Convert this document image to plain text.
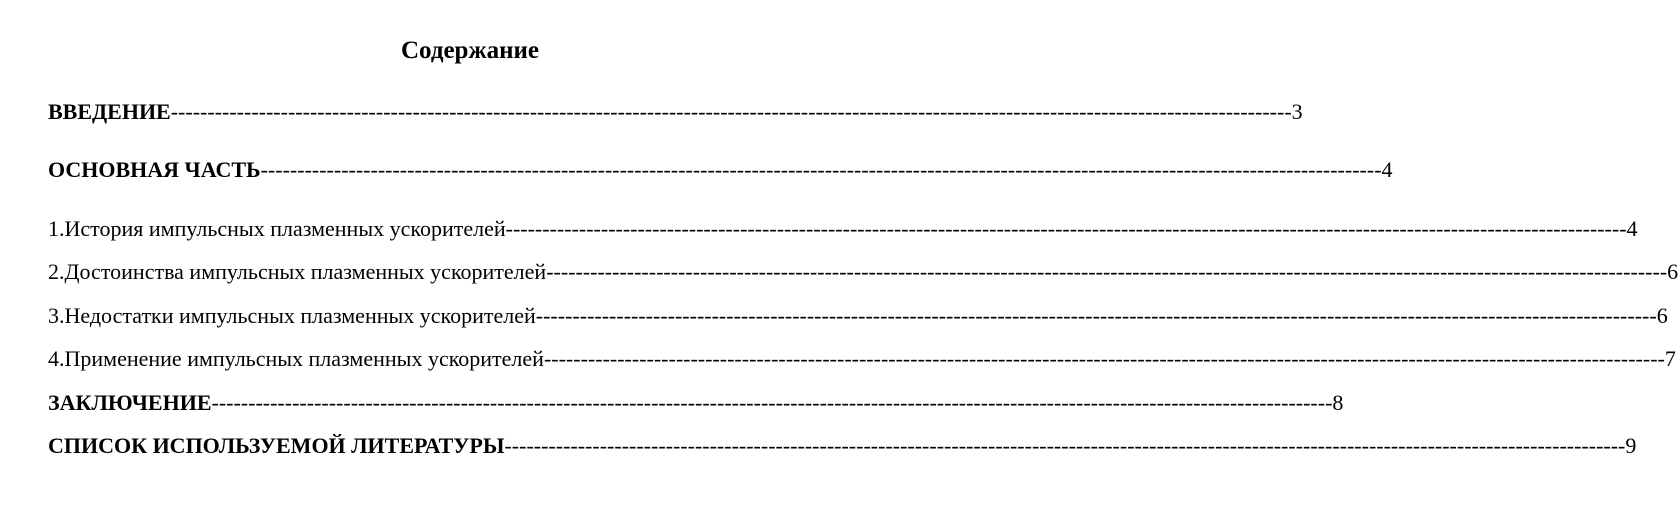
Содержание
ВВЕДЕНИЕ --------------------------------------------------------------------------------------------------------------------------------------------------------- 3
ОСНОВНАЯ ЧАСТЬ --------------------------------------------------------------------------------------------------------------------------------------------------------- 4
1. История импульсных плазменных ускорителей --------------------------------------------------------------------------------------------------------------------------------------------------------- 4
2. Достоинства импульсных плазменных ускорителей --------------------------------------------------------------------------------------------------------------------------------------------------------- 6
3. Недостатки импульсных плазменных ускорителей --------------------------------------------------------------------------------------------------------------------------------------------------------- 6
4. Применение импульсных плазменных ускорителей --------------------------------------------------------------------------------------------------------------------------------------------------------- 7
ЗАКЛЮЧЕНИЕ --------------------------------------------------------------------------------------------------------------------------------------------------------- 8
СПИСОК ИСПОЛЬЗУЕМОЙ ЛИТЕРАТУРЫ --------------------------------------------------------------------------------------------------------------------------------------------------------- 9
